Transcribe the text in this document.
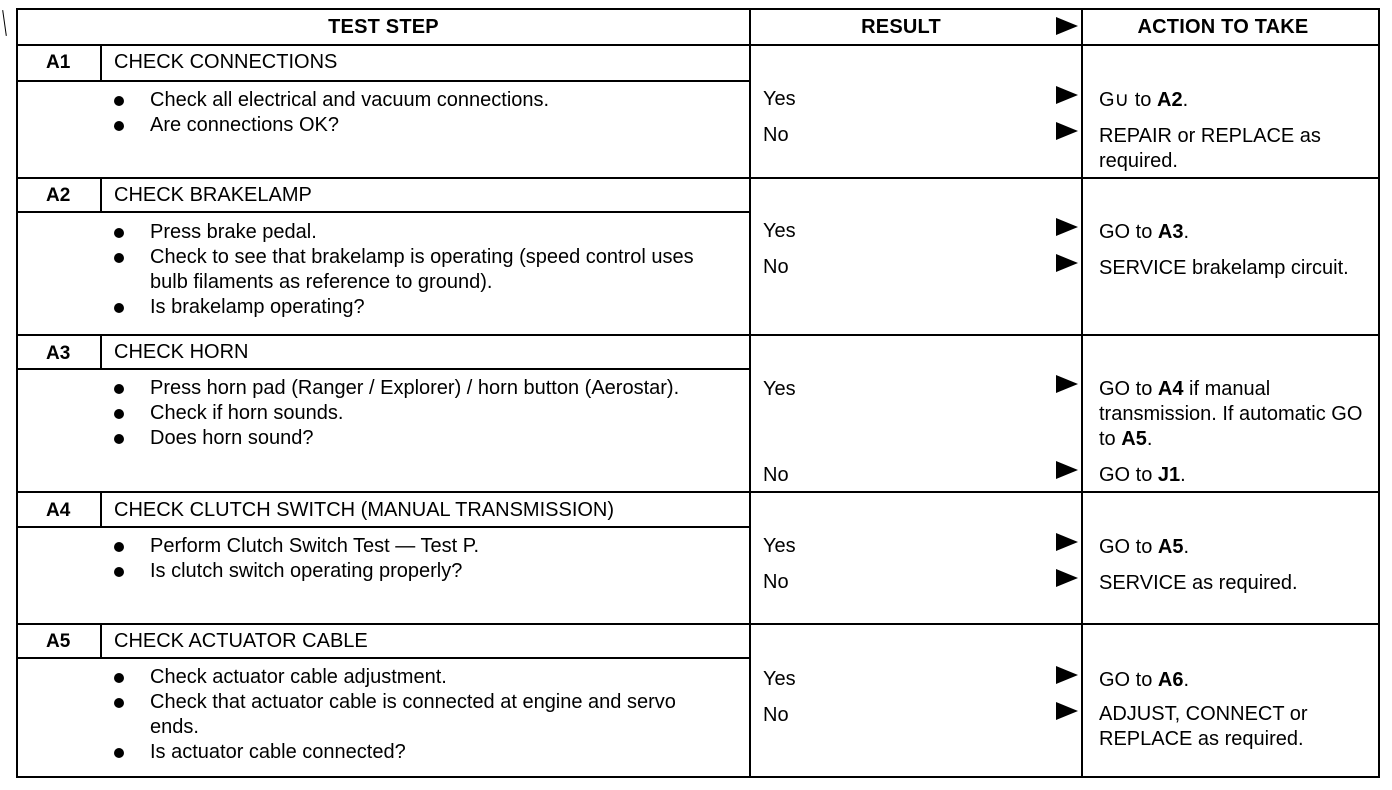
TEST STEP	RESULT	ACTION TO TAKE
A1 CHECK CONNECTIONS
Check all electrical and vacuum connections.
Are connections OK?
Yes	G∪ to A2.
No	REPAIR or REPLACE as required.
A2 CHECK BRAKELAMP
Press brake pedal.
Check to see that brakelamp is operating (speed control uses bulb filaments as reference to ground).
Is brakelamp operating?
Yes	GO to A3.
No	SERVICE brakelamp circuit.
A3 CHECK HORN
Press horn pad (Ranger / Explorer) / horn button (Aerostar).
Check if horn sounds.
Does horn sound?
Yes	GO to A4 if manual transmission. If automatic GO to A5.
No	GO to J1.
A4 CHECK CLUTCH SWITCH (MANUAL TRANSMISSION)
Perform Clutch Switch Test — Test P.
Is clutch switch operating properly?
Yes	GO to A5.
No	SERVICE as required.
A5 CHECK ACTUATOR CABLE
Check actuator cable adjustment.
Check that actuator cable is connected at engine and servo ends.
Is actuator cable connected?
Yes	GO to A6.
No	ADJUST, CONNECT or REPLACE as required.
